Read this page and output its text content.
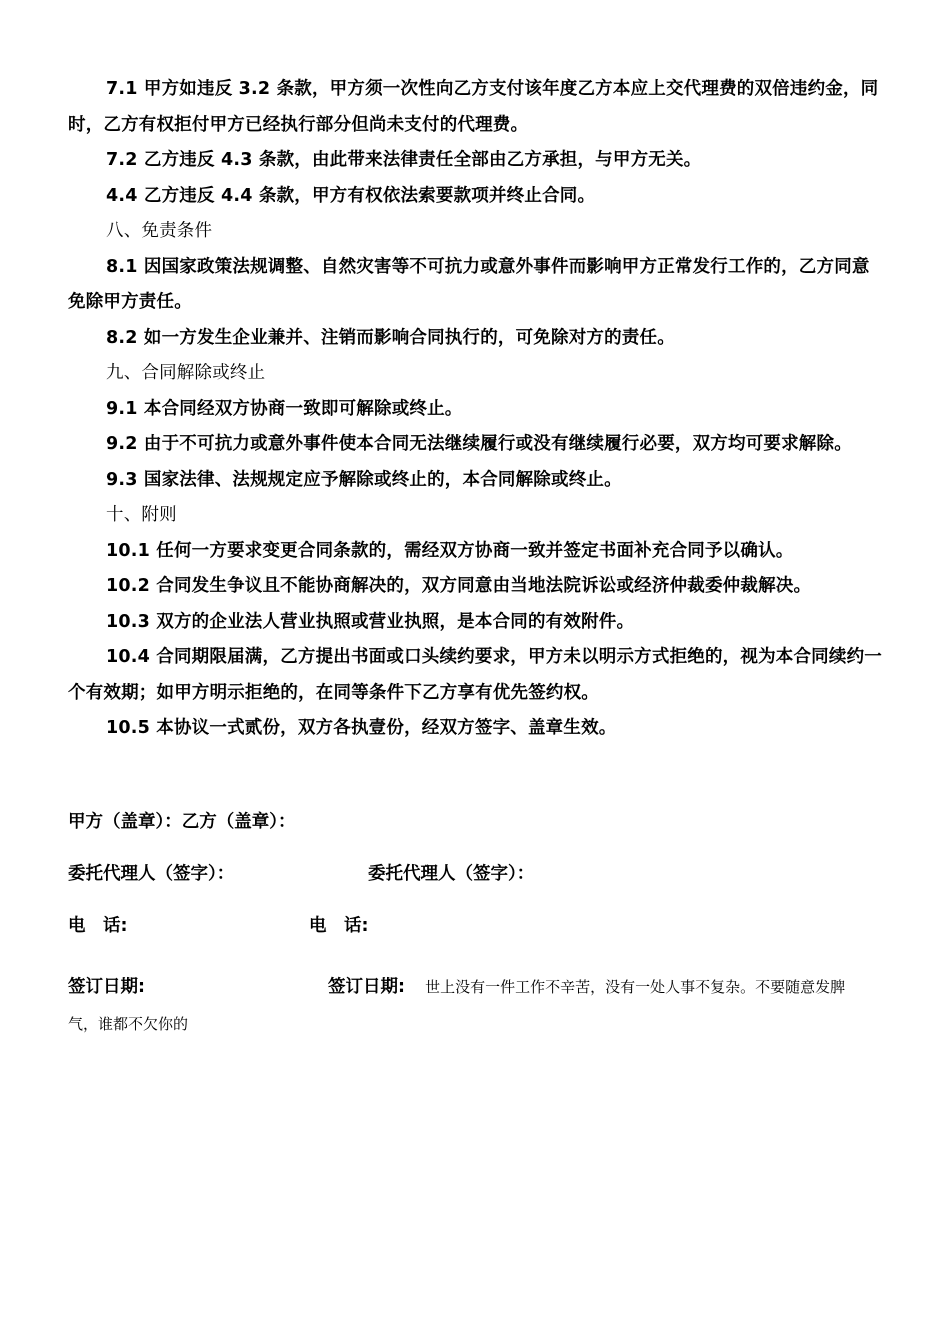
7.1 甲方如违反 3.2 条款，甲方须一次性向乙方支付该年度乙方本应上交代理费的双倍违约金，同时，乙方有权拒付甲方已经执行部分但尚未支付的代理费。

7.2 乙方违反 4.3 条款，由此带来法律责任全部由乙方承担，与甲方无关。

4.4 乙方违反 4.4 条款，甲方有权依法索要款项并终止合同。

八、免责条件

8.1 因国家政策法规调整、自然灾害等不可抗力或意外事件而影响甲方正常发行工作的，乙方同意免除甲方责任。

8.2 如一方发生企业兼并、注销而影响合同执行的，可免除对方的责任。

九、合同解除或终止

9.1 本合同经双方协商一致即可解除或终止。

9.2 由于不可抗力或意外事件使本合同无法继续履行或没有继续履行必要，双方均可要求解除。

9.3 国家法律、法规规定应予解除或终止的，本合同解除或终止。

十、附则

10.1 任何一方要求变更合同条款的，需经双方协商一致并签定书面补充合同予以确认。

10.2 合同发生争议且不能协商解决的，双方同意由当地法院诉讼或经济仲裁委仲裁解决。

10.3 双方的企业法人营业执照或营业执照，是本合同的有效附件。

10.4 合同期限届满，乙方提出书面或口头续约要求，甲方未以明示方式拒绝的，视为本合同续约一个有效期；如甲方明示拒绝的，在同等条件下乙方享有优先签约权。

10.5 本协议一式贰份，双方各执壹份，经双方签字、盖章生效。

甲方（盖章）：乙方（盖章）：
委托代理人（签字）：	委托代理人（签字）：
电　话:	电　话:
签订日期:	签订日期: 世上没有一件工作不辛苦，没有一处人事不复杂。不要随意发脾
气，谁都不欠你的
